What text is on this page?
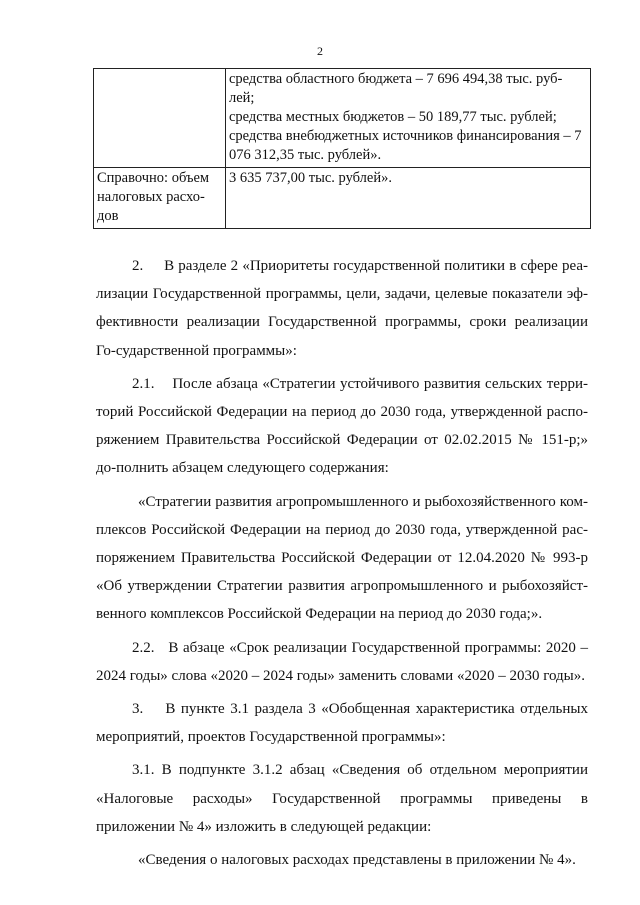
2

	средства областного бюджета – 7 696 494,38 тыс. руб-лей;
средства местных бюджетов – 50 189,77 тыс. рублей;
средства внебюджетных источников финансирования – 7 076 312,35 тыс. рублей».

Справочно: объем налоговых расхо-дов	3 635 737,00 тыс. рублей».

2.     В разделе 2 «Приоритеты государственной политики в сфере реа-лизации Государственной программы, цели, задачи, целевые показатели эф-фективности реализации Государственной программы, сроки реализации Го-сударственной программы»:

2.1.    После абзаца «Стратегии устойчивого развития сельских терри-торий Российской Федерации на период до 2030 года, утвержденной распо-ряжением Правительства Российской Федерации от 02.02.2015 № 151-р;» до-полнить абзацем следующего содержания:

«Стратегии развития агропромышленного и рыбохозяйственного ком-плексов Российской Федерации на период до 2030 года, утвержденной рас-поряжением Правительства Российской Федерации от 12.04.2020 № 993-р «Об утверждении Стратегии развития агропромышленного и рыбохозяйст-венного комплексов Российской Федерации на период до 2030 года;».

2.2.   В абзаце «Срок реализации Государственной программы: 2020 – 2024 годы» слова «2020 – 2024 годы» заменить словами «2020 – 2030 годы».

3.    В пункте 3.1 раздела 3 «Обобщенная характеристика отдельных мероприятий, проектов Государственной программы»:

3.1. В подпункте 3.1.2 абзац «Сведения об отдельном мероприятии «Налоговые расходы» Государственной программы приведены в приложении № 4» изложить в следующей редакции:

«Сведения о налоговых расходах представлены в приложении № 4».
